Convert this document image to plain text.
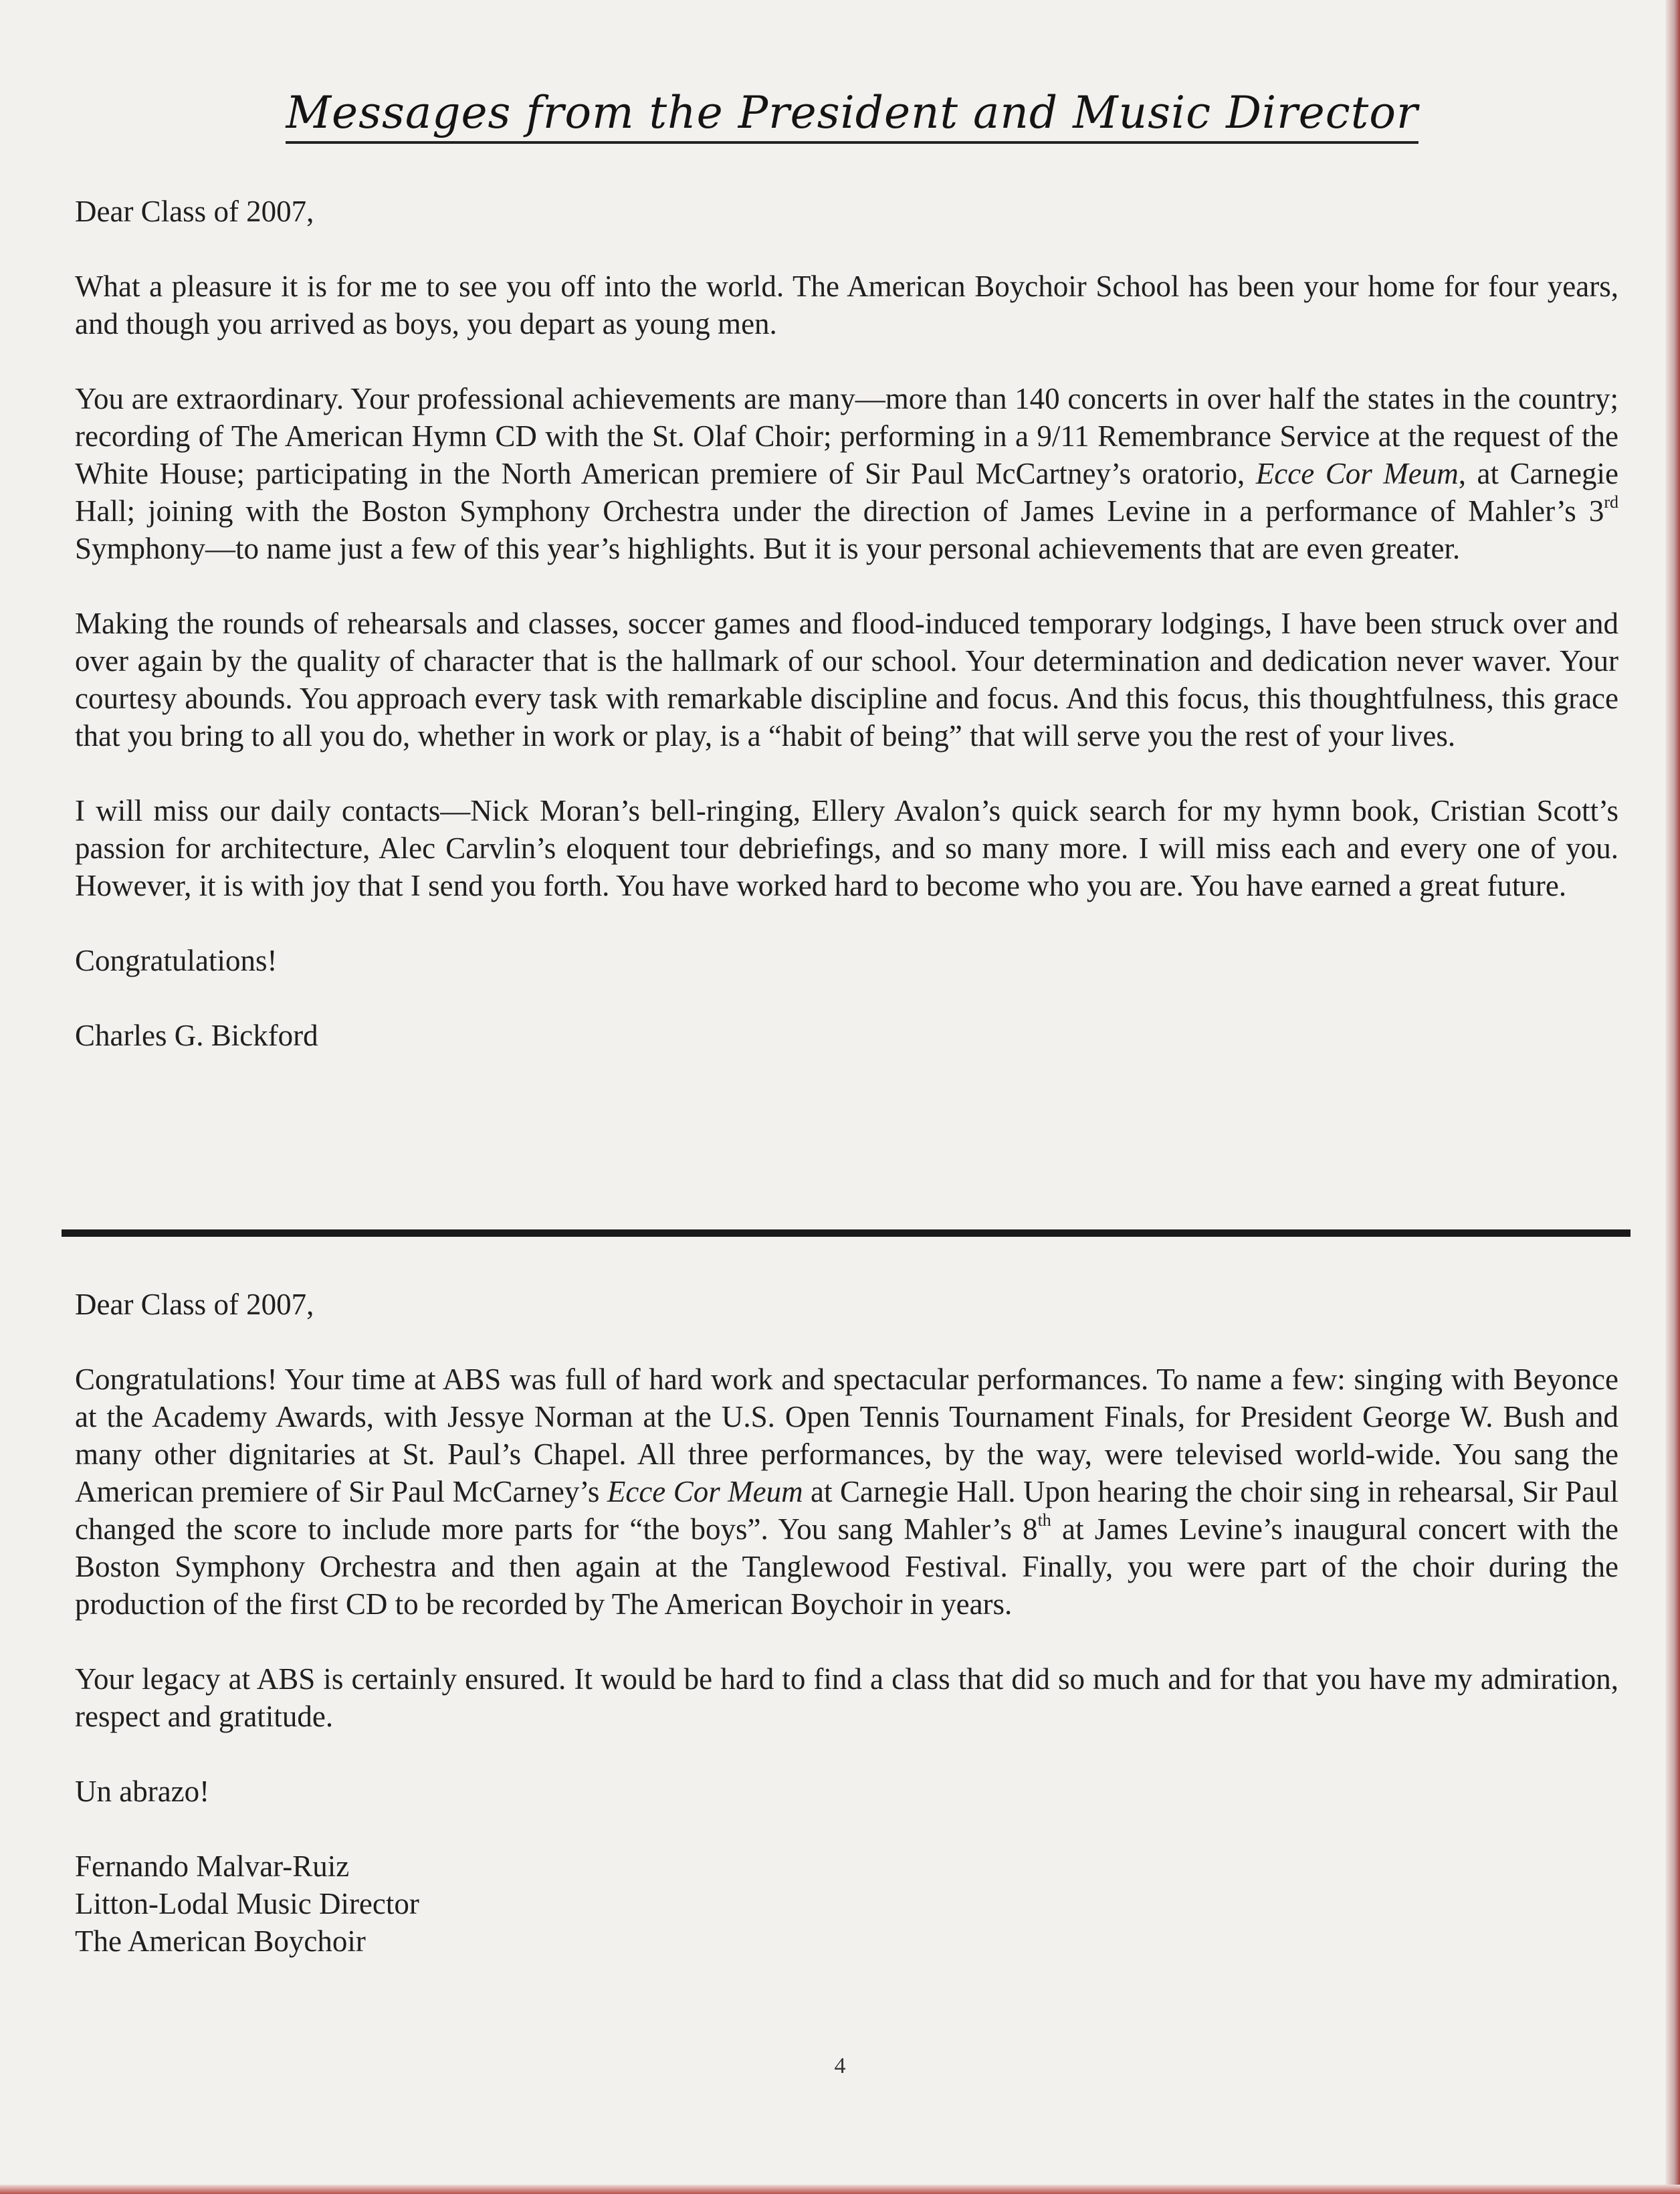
Messages from the President and Music Director

Dear Class of 2007,

What a pleasure it is for me to see you off into the world. The American Boychoir School has been your home for four years, and though you arrived as boys, you depart as young men.

You are extraordinary. Your professional achievements are many—more than 140 concerts in over half the states in the country; recording of The American Hymn CD with the St. Olaf Choir; performing in a 9/11 Remembrance Service at the request of the White House; participating in the North American premiere of Sir Paul McCartney’s oratorio, Ecce Cor Meum, at Carnegie Hall; joining with the Boston Symphony Orchestra under the direction of James Levine in a performance of Mahler’s 3rd Symphony—to name just a few of this year’s highlights. But it is your personal achievements that are even greater.

Making the rounds of rehearsals and classes, soccer games and flood-induced temporary lodgings, I have been struck over and over again by the quality of character that is the hallmark of our school. Your determination and dedication never waver. Your courtesy abounds. You approach every task with remarkable discipline and focus. And this focus, this thoughtfulness, this grace that you bring to all you do, whether in work or play, is a “habit of being” that will serve you the rest of your lives.

I will miss our daily contacts—Nick Moran’s bell-ringing, Ellery Avalon’s quick search for my hymn book, Cristian Scott’s passion for architecture, Alec Carvlin’s eloquent tour debriefings, and so many more. I will miss each and every one of you. However, it is with joy that I send you forth. You have worked hard to become who you are. You have earned a great future.

Congratulations!

Charles G. Bickford

Dear Class of 2007,

Congratulations! Your time at ABS was full of hard work and spectacular performances. To name a few: singing with Beyonce at the Academy Awards, with Jessye Norman at the U.S. Open Tennis Tournament Finals, for President George W. Bush and many other dignitaries at St. Paul’s Chapel. All three performances, by the way, were televised world-wide. You sang the American premiere of Sir Paul McCarney’s Ecce Cor Meum at Carnegie Hall. Upon hearing the choir sing in rehearsal, Sir Paul changed the score to include more parts for “the boys”. You sang Mahler’s 8th at James Levine’s inaugural concert with the Boston Symphony Orchestra and then again at the Tanglewood Festival. Finally, you were part of the choir during the production of the first CD to be recorded by The American Boychoir in years.

Your legacy at ABS is certainly ensured. It would be hard to find a class that did so much and for that you have my admiration, respect and gratitude.

Un abrazo!

Fernando Malvar-Ruiz

Litton-Lodal Music Director

The American Boychoir

4
